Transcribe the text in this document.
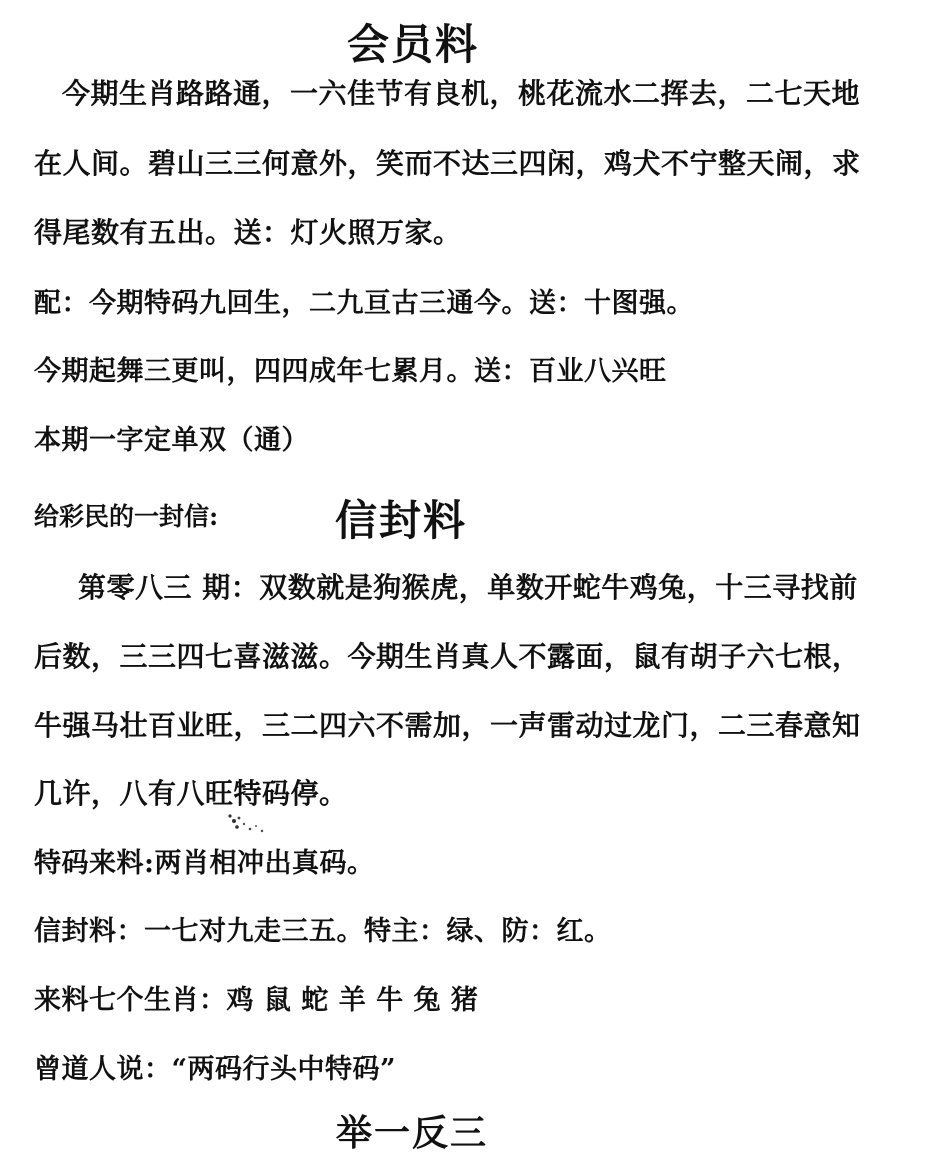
会员料
今期生肖路路通，一六佳节有良机，桃花流水二挥去，二七天地
在人间。碧山三三何意外，笑而不达三四闲，鸡犬不宁整天闹，求
得尾数有五出。送：灯火照万家。
配：今期特码九回生，二九亘古三通今。送：十图强。
今期起舞三更叫，四四成年七累月。送：百业八兴旺
本期一字定单双（通）
给彩民的一封信:	信封料
第零八三 期：双数就是狗猴虎，单数开蛇牛鸡兔，十三寻找前
后数，三三四七喜滋滋。今期生肖真人不露面，鼠有胡子六七根，
牛强马壮百业旺，三二四六不需加，一声雷动过龙门，二三春意知
几许，八有八旺特码停。
特码来料:两肖相冲出真码。
信封料：一七对九走三五。特主：绿、防：红。
来料七个生肖：鸡 鼠 蛇 羊 牛 兔 猪
曾道人说：“两码行头中特码”
举一反三
